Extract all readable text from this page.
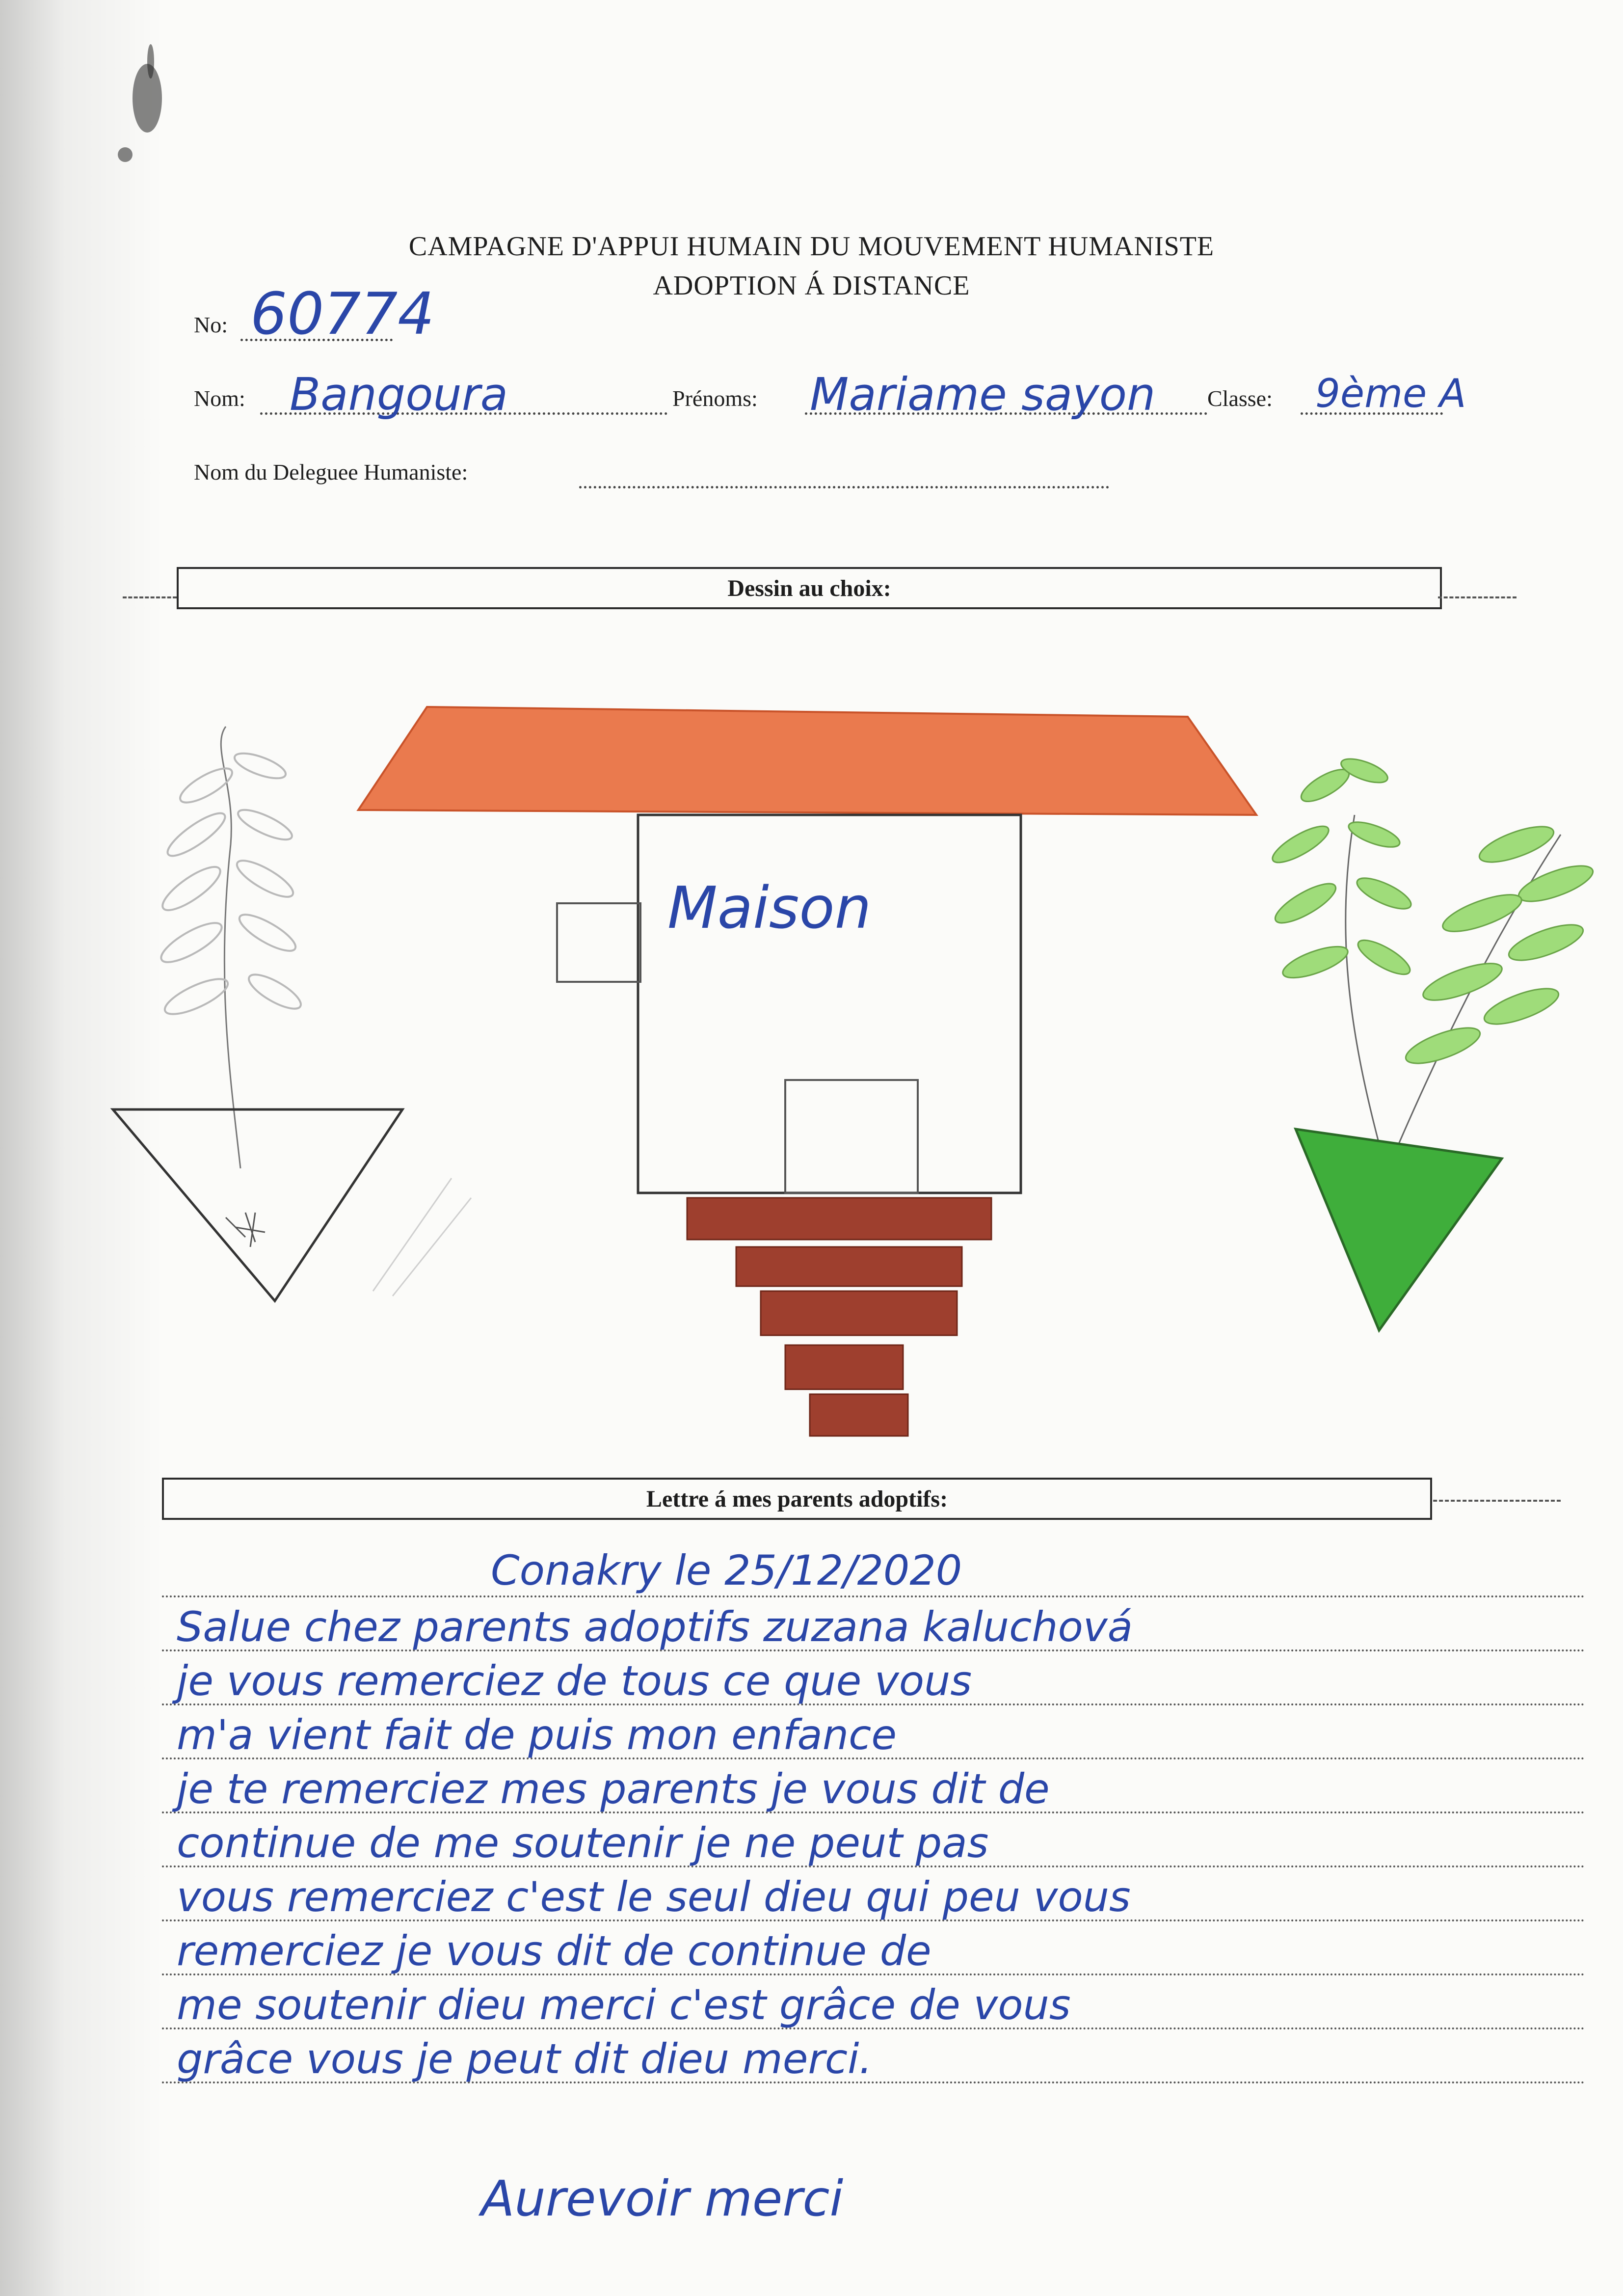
CAMPAGNE D'APPUI HUMAIN DU MOUVEMENT HUMANISTE
ADOPTION Á DISTANCE
No: 60774
Nom: Bangoura	Prénoms: Mariame sayon Classe: 9ème A
Nom du Deleguee Humaniste:
Dessin au choix:
Maison
Lettre á mes parents adoptifs:
Conakry le 25/12/2020
Salue chez parents adoptifs zuzana kaluchová
je vous remerciez de tous ce que vous
m'a vient fait de puis mon enfance
je te remerciez mes parents je vous dit de
continue de me soutenir je ne peut pas
vous remerciez c'est le seul dieu qui peu vous
remerciez je vous dit de continue de
me soutenir dieu merci c'est grâce de vous
grâce vous je peut dit dieu merci.
Aurevoir merci
